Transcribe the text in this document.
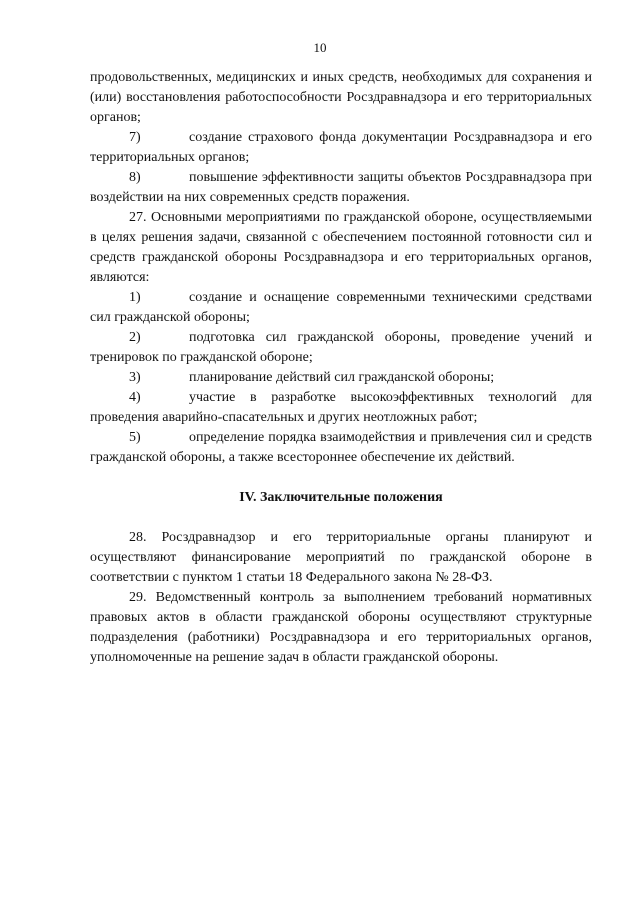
10

продовольственных, медицинских и иных средств, необходимых для сохранения и (или) восстановления работоспособности Росздравнадзора и его территориальных органов;

7)	создание страхового фонда документации Росздравнадзора и его территориальных органов;

8)	повышение эффективности защиты объектов Росздравнадзора при воздействии на них современных средств поражения.

27. Основными мероприятиями по гражданской обороне, осуществляемыми в целях решения задачи, связанной с обеспечением постоянной готовности сил и средств гражданской обороны Росздравнадзора и его территориальных органов, являются:

1)	создание и оснащение современными техническими средствами сил гражданской обороны;

2)	подготовка сил гражданской обороны, проведение учений и тренировок по гражданской обороне;

3)	планирование действий сил гражданской обороны;

4)	участие в разработке высокоэффективных технологий для проведения аварийно-спасательных и других неотложных работ;

5)	определение порядка взаимодействия и привлечения сил и средств гражданской обороны, а также всестороннее обеспечение их действий.

IV. Заключительные положения

28. Росздравнадзор и его территориальные органы планируют и осуществляют финансирование мероприятий по гражданской обороне в соответствии с пунктом 1 статьи 18 Федерального закона № 28-ФЗ.

29. Ведомственный контроль за выполнением требований нормативных правовых актов в области гражданской обороны осуществляют структурные подразделения (работники) Росздравнадзора и его территориальных органов, уполномоченные на решение задач в области гражданской обороны.
